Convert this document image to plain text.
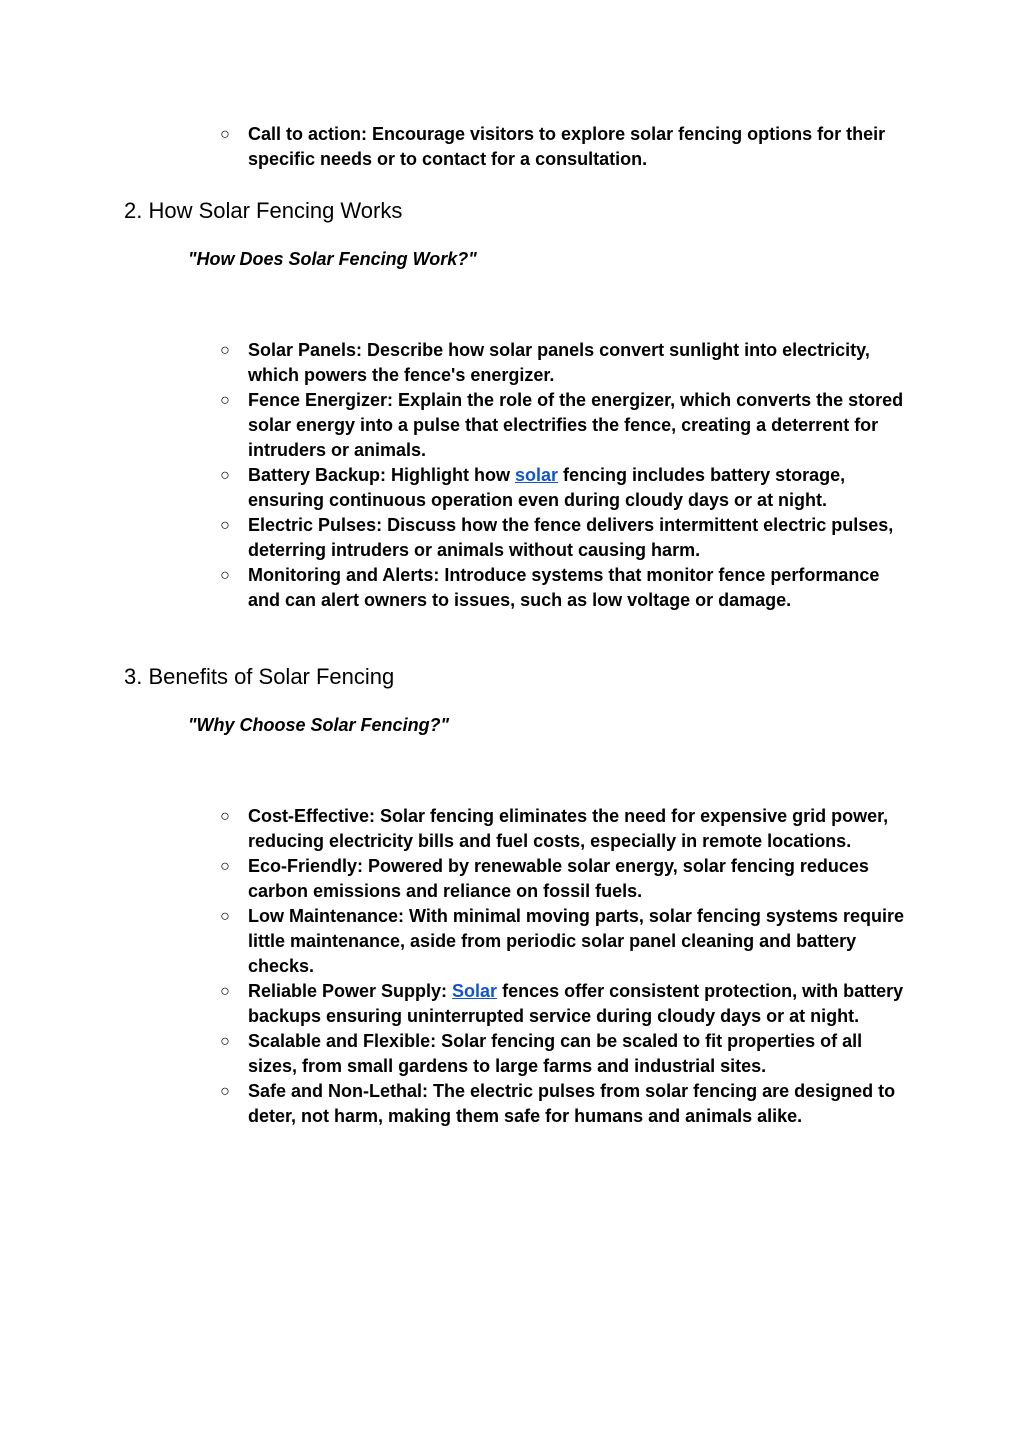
○ Call to action: Encourage visitors to explore solar fencing options for their specific needs or to contact for a consultation.
2. How Solar Fencing Works

"How Does Solar Fencing Work?"

○ Solar Panels: Describe how solar panels convert sunlight into electricity, which powers the fence's energizer.
○ Fence Energizer: Explain the role of the energizer, which converts the stored solar energy into a pulse that electrifies the fence, creating a deterrent for intruders or animals.
○ Battery Backup: Highlight how solar fencing includes battery storage, ensuring continuous operation even during cloudy days or at night.
○ Electric Pulses: Discuss how the fence delivers intermittent electric pulses, deterring intruders or animals without causing harm.
○ Monitoring and Alerts: Introduce systems that monitor fence performance and can alert owners to issues, such as low voltage or damage.
3. Benefits of Solar Fencing

"Why Choose Solar Fencing?"

○ Cost-Effective: Solar fencing eliminates the need for expensive grid power, reducing electricity bills and fuel costs, especially in remote locations.
○ Eco-Friendly: Powered by renewable solar energy, solar fencing reduces carbon emissions and reliance on fossil fuels.
○ Low Maintenance: With minimal moving parts, solar fencing systems require little maintenance, aside from periodic solar panel cleaning and battery checks.
○ Reliable Power Supply: Solar fences offer consistent protection, with battery backups ensuring uninterrupted service during cloudy days or at night.
○ Scalable and Flexible: Solar fencing can be scaled to fit properties of all sizes, from small gardens to large farms and industrial sites.
○ Safe and Non-Lethal: The electric pulses from solar fencing are designed to deter, not harm, making them safe for humans and animals alike.
